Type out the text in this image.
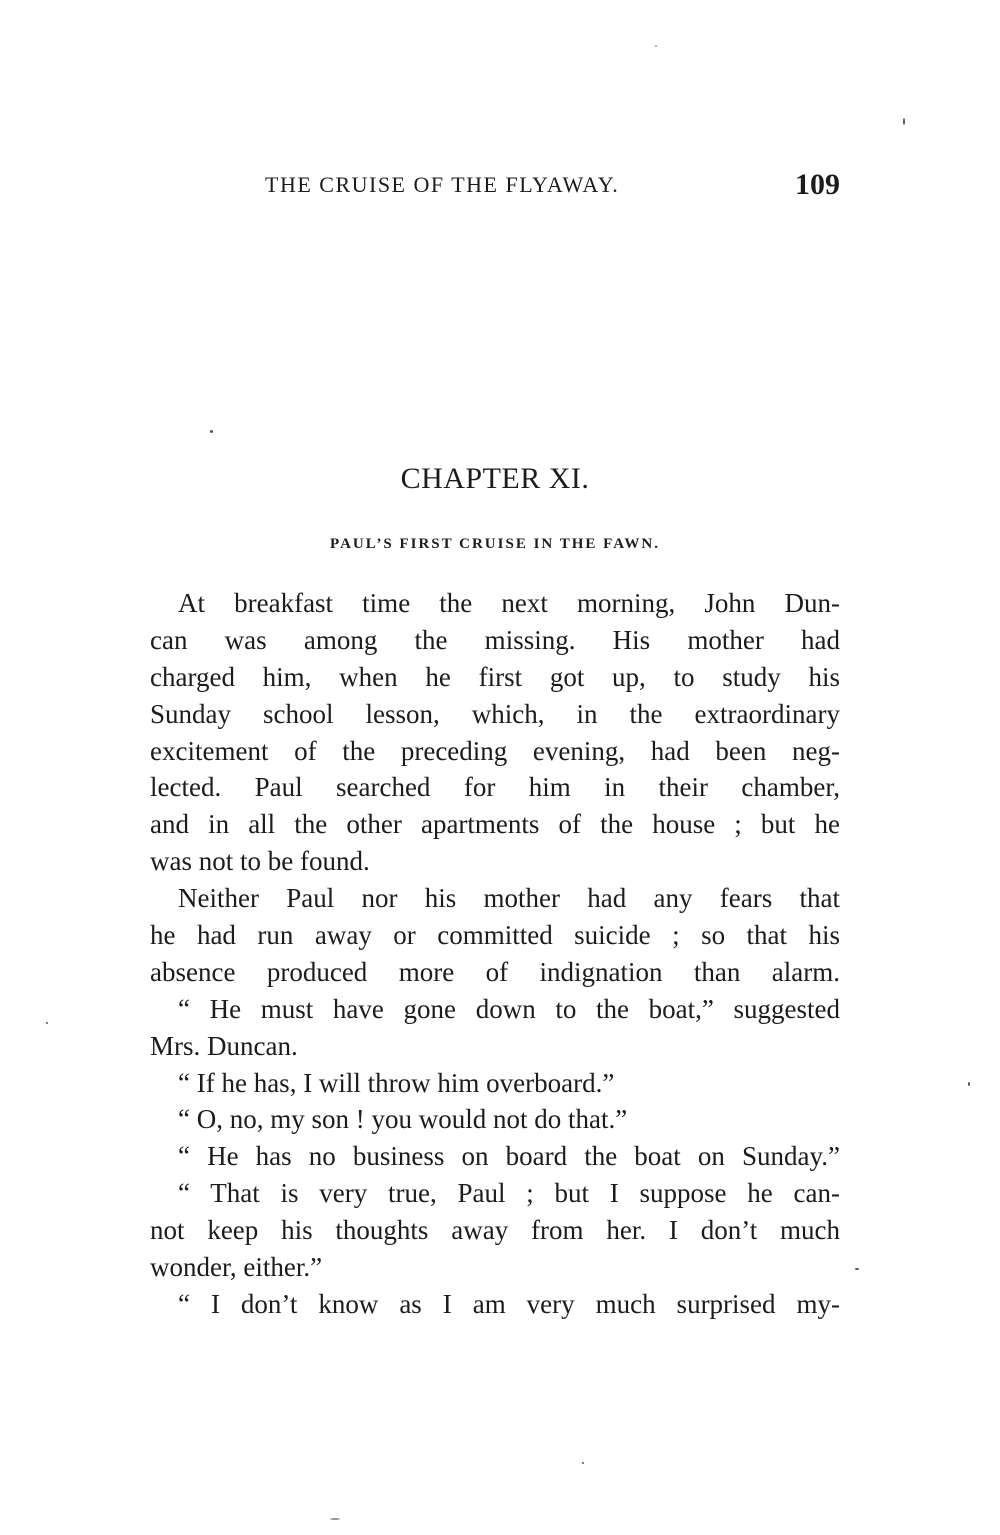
THE CRUISE OF THE FLYAWAY.	109
CHAPTER XI.
PAUL’S FIRST CRUISE IN THE FAWN.
At breakfast time the next morning, John Dun-
can was among the missing. His mother had
charged him, when he first got up, to study his
Sunday school lesson, which, in the extraordinary
excitement of the preceding evening, had been neg-
lected. Paul searched for him in their chamber,
and in all the other apartments of the house ; but he
was not to be found.
Neither Paul nor his mother had any fears that
he had run away or committed suicide ; so that his
absence produced more of indignation than alarm.
“ He must have gone down to the boat,” suggested
Mrs. Duncan.
“ If he has, I will throw him overboard.”
“ O, no, my son ! you would not do that.”
“ He has no business on board the boat on Sunday.”
“ That is very true, Paul ; but I suppose he can-
not keep his thoughts away from her. I don’t much
wonder, either.”
“ I don’t know as I am very much surprised my-
